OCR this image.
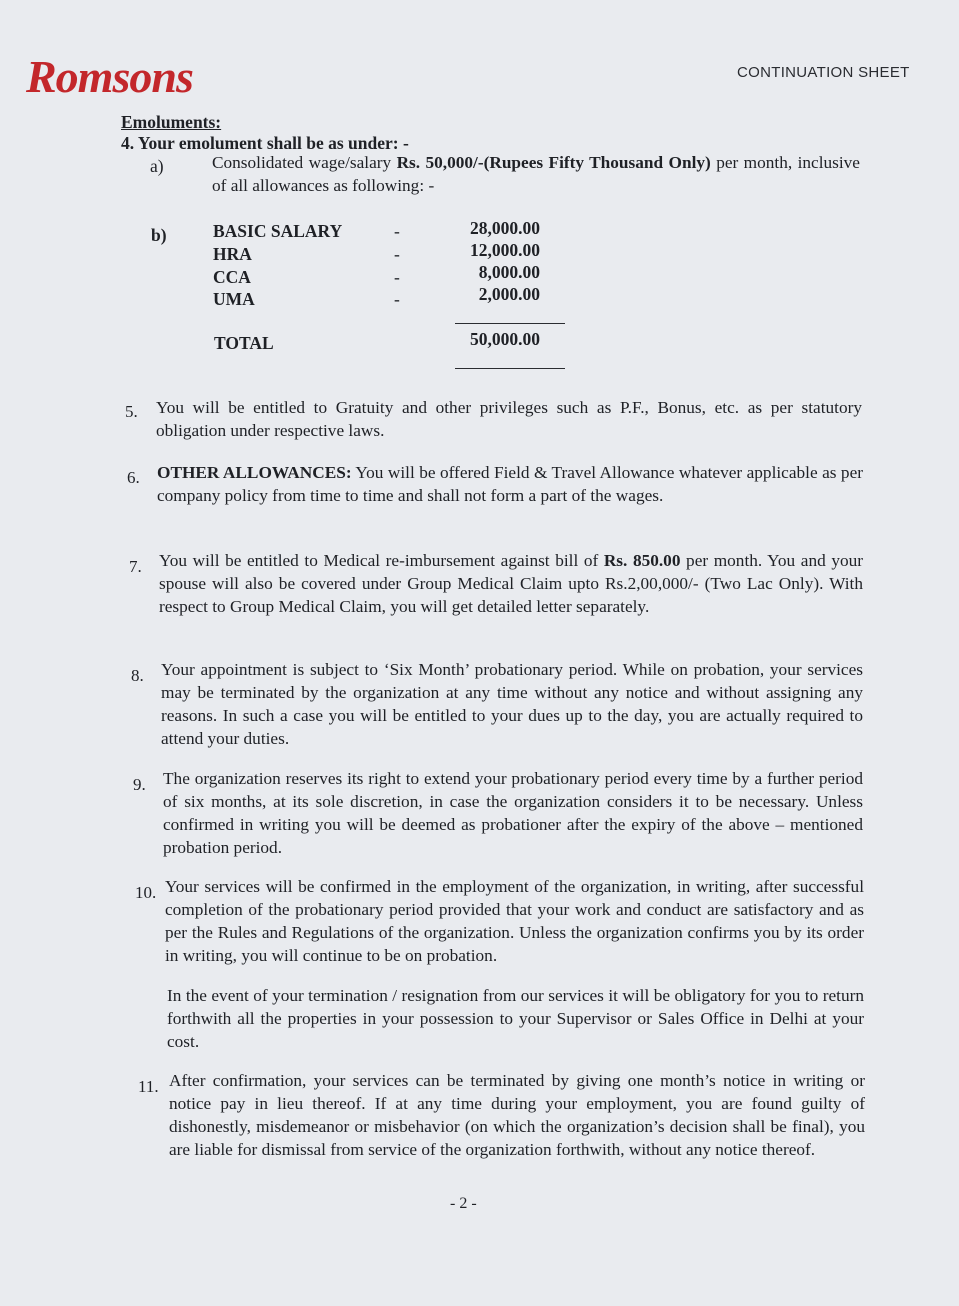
Romsons	CONTINUATION SHEET
Emoluments:
4. Your emolument shall be as under: -
a)	Consolidated wage/salary Rs. 50,000/-(Rupees Fifty Thousand Only) per month, inclusive of all allowances as following: -
b)	BASIC SALARY	-	28,000.00
HRA	-	12,000.00
CCA	-	8,000.00
UMA	-	2,000.00
TOTAL	50,000.00
5. You will be entitled to Gratuity and other privileges such as P.F., Bonus, etc. as per statutory obligation under respective laws.
6. OTHER ALLOWANCES: You will be offered Field & Travel Allowance whatever applicable as per company policy from time to time and shall not form a part of the wages.
7. You will be entitled to Medical re-imbursement against bill of Rs. 850.00 per month. You and your spouse will also be covered under Group Medical Claim upto Rs.2,00,000/- (Two Lac Only). With respect to Group Medical Claim, you will get detailed letter separately.
8. Your appointment is subject to ‘Six Month’ probationary period. While on probation, your services may be terminated by the organization at any time without any notice and without assigning any reasons. In such a case you will be entitled to your dues up to the day, you are actually required to attend your duties.
9. The organization reserves its right to extend your probationary period every time by a further period of six months, at its sole discretion, in case the organization considers it to be necessary. Unless confirmed in writing you will be deemed as probationer after the expiry of the above – mentioned probation period.
10. Your services will be confirmed in the employment of the organization, in writing, after successful completion of the probationary period provided that your work and conduct are satisfactory and as per the Rules and Regulations of the organization. Unless the organization confirms you by its order in writing, you will continue to be on probation.
In the event of your termination / resignation from our services it will be obligatory for you to return forthwith all the properties in your possession to your Supervisor or Sales Office in Delhi at your cost.
11. After confirmation, your services can be terminated by giving one month’s notice in writing or notice pay in lieu thereof. If at any time during your employment, you are found guilty of dishonestly, misdemeanor or misbehavior (on which the organization’s decision shall be final), you are liable for dismissal from service of the organization forthwith, without any notice thereof.
- 2 -
